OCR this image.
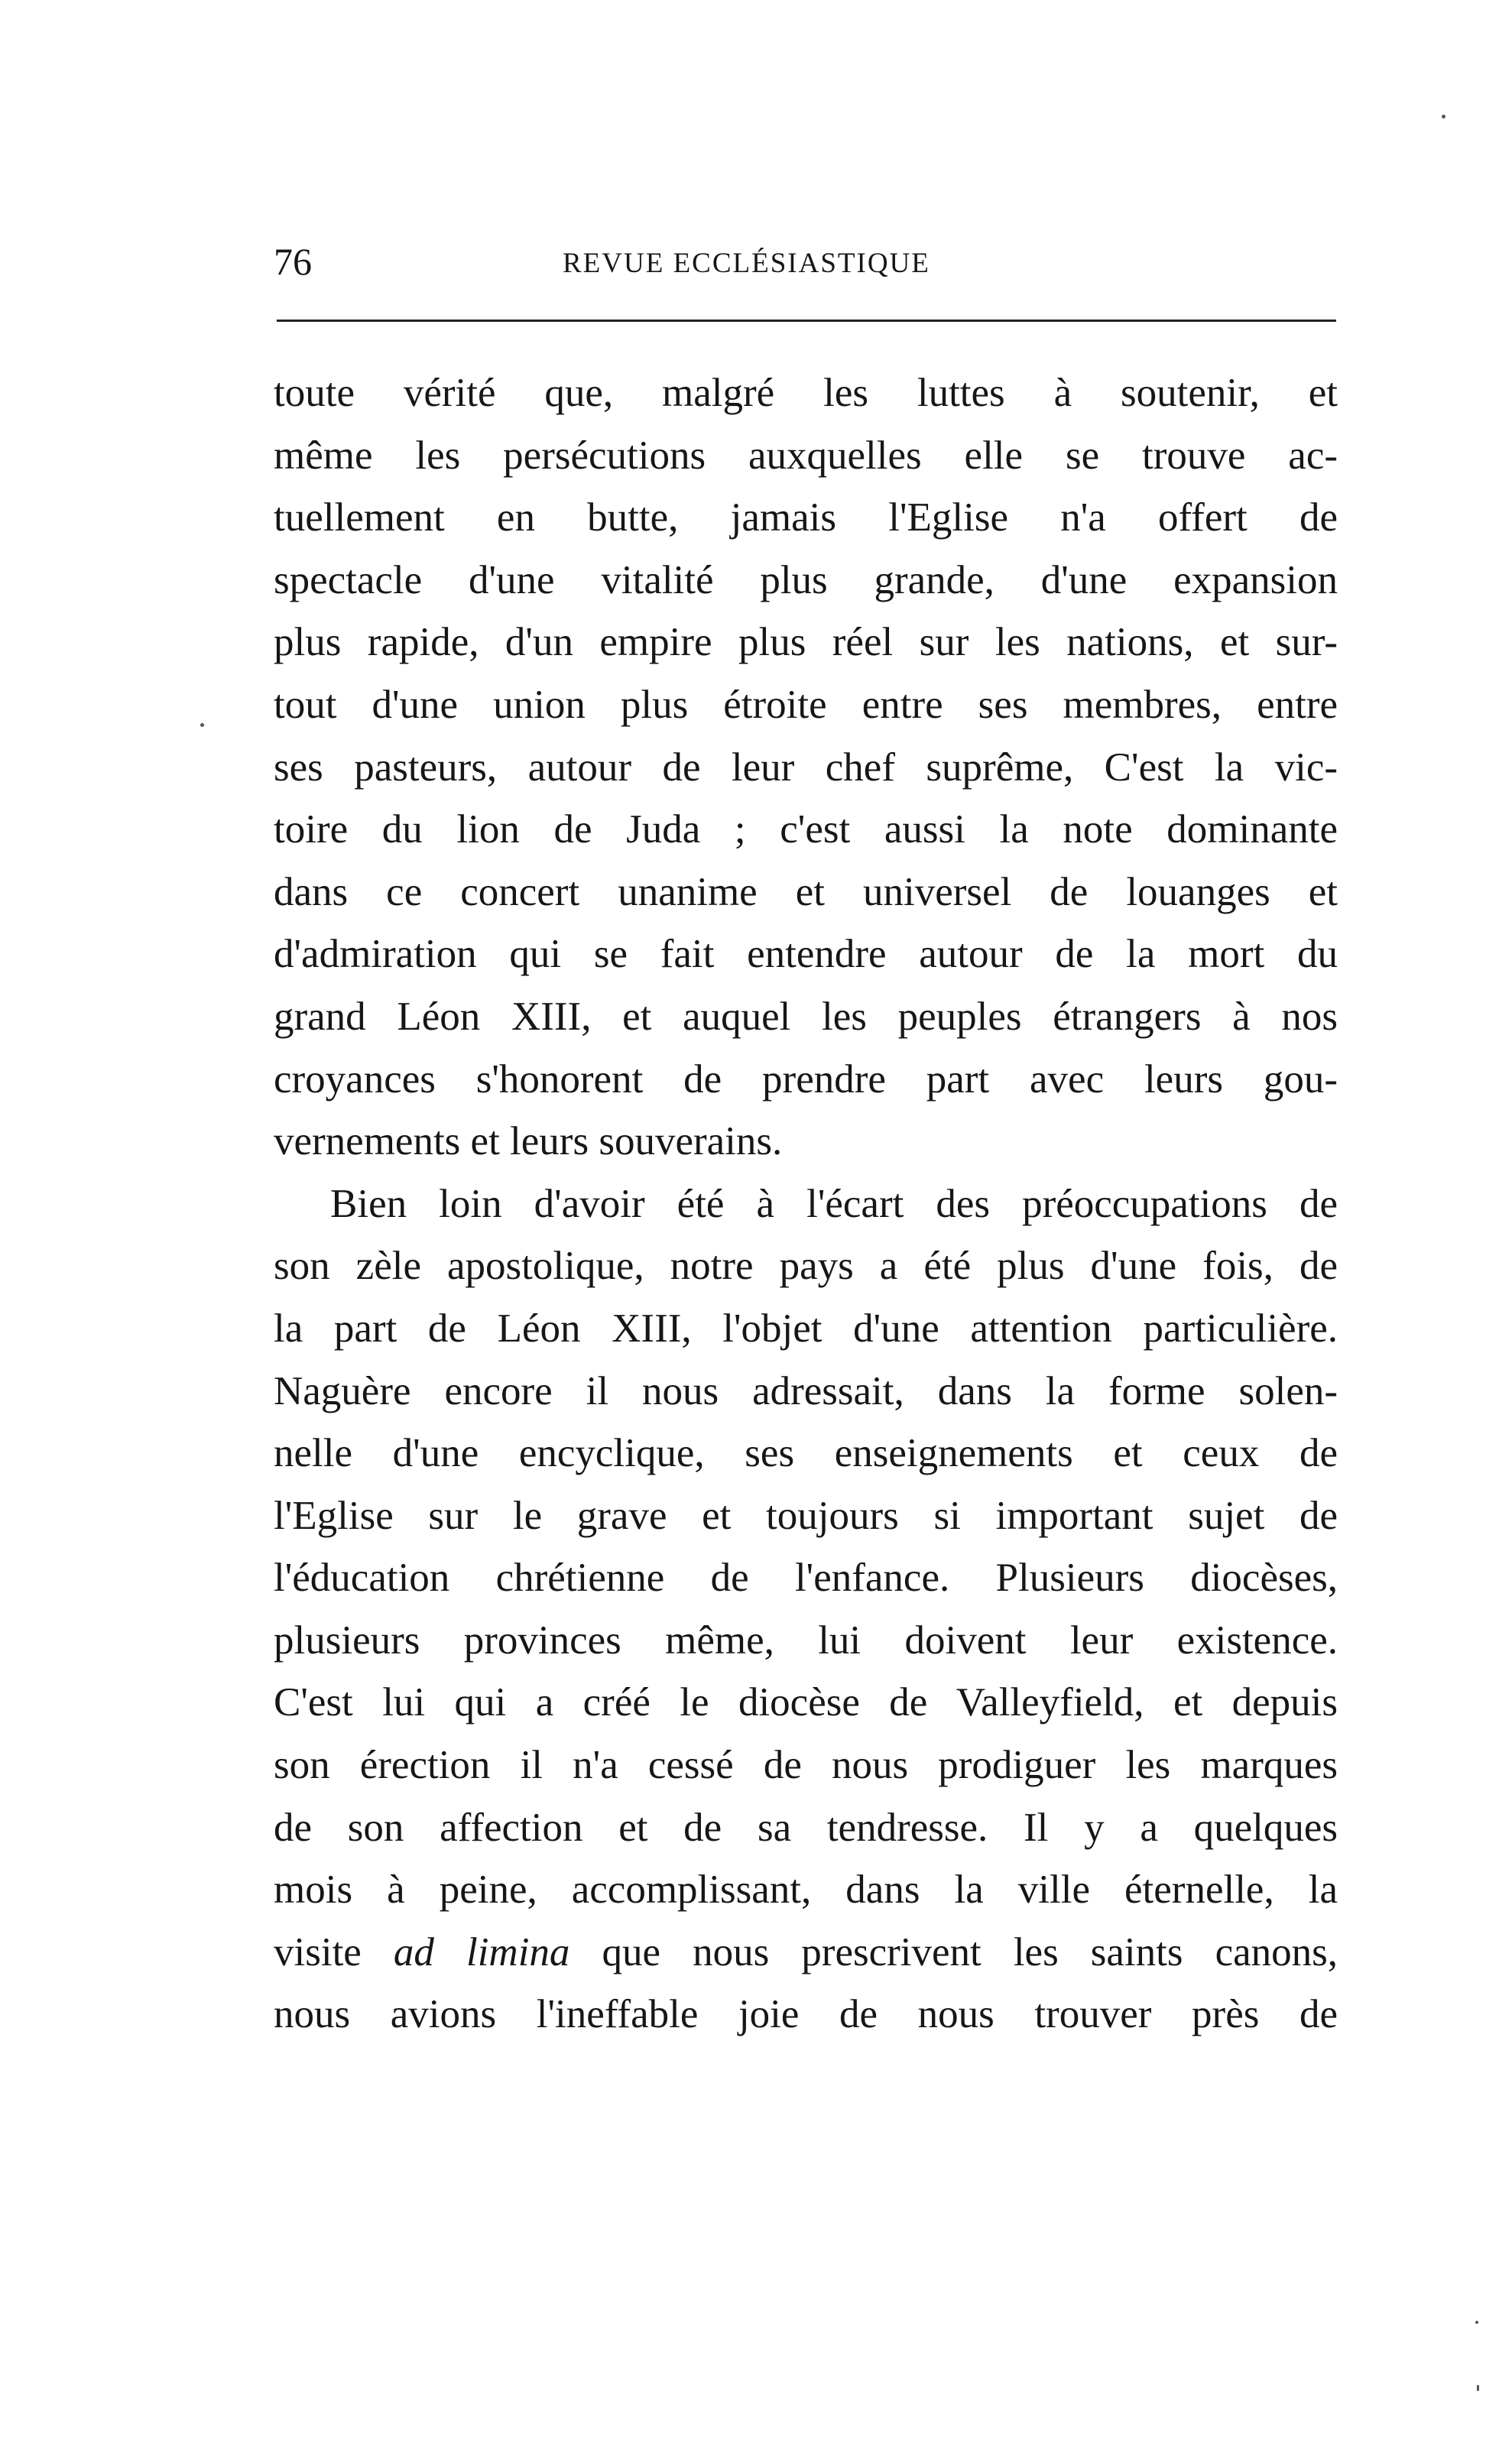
76	REVUE ECCLÉSIASTIQUE
toute vérité que, malgré les luttes à soutenir, et
même les persécutions auxquelles elle se trouve ac-
tuellement en butte, jamais l'Eglise n'a offert de
spectacle d'une vitalité plus grande, d'une expansion
plus rapide, d'un empire plus réel sur les nations, et sur-
tout d'une union plus étroite entre ses membres, entre
ses pasteurs, autour de leur chef suprême, C'est la vic-
toire du lion de Juda ; c'est aussi la note dominante
dans ce concert unanime et universel de louanges et
d'admiration qui se fait entendre autour de la mort du
grand Léon XIII, et auquel les peuples étrangers à nos
croyances s'honorent de prendre part avec leurs gou-
vernements et leurs souverains.
Bien loin d'avoir été à l'écart des préoccupations de
son zèle apostolique, notre pays a été plus d'une fois, de
la part de Léon XIII, l'objet d'une attention particulière.
Naguère encore il nous adressait, dans la forme solen-
nelle d'une encyclique, ses enseignements et ceux de
l'Eglise sur le grave et toujours si important sujet de
l'éducation chrétienne de l'enfance. Plusieurs diocèses,
plusieurs provinces même, lui doivent leur existence.
C'est lui qui a créé le diocèse de Valleyfield, et depuis
son érection il n'a cessé de nous prodiguer les marques
de son affection et de sa tendresse. Il y a quelques
mois à peine, accomplissant, dans la ville éternelle, la
visite ad limina que nous prescrivent les saints canons,
nous avions l'ineffable joie de nous trouver près de
